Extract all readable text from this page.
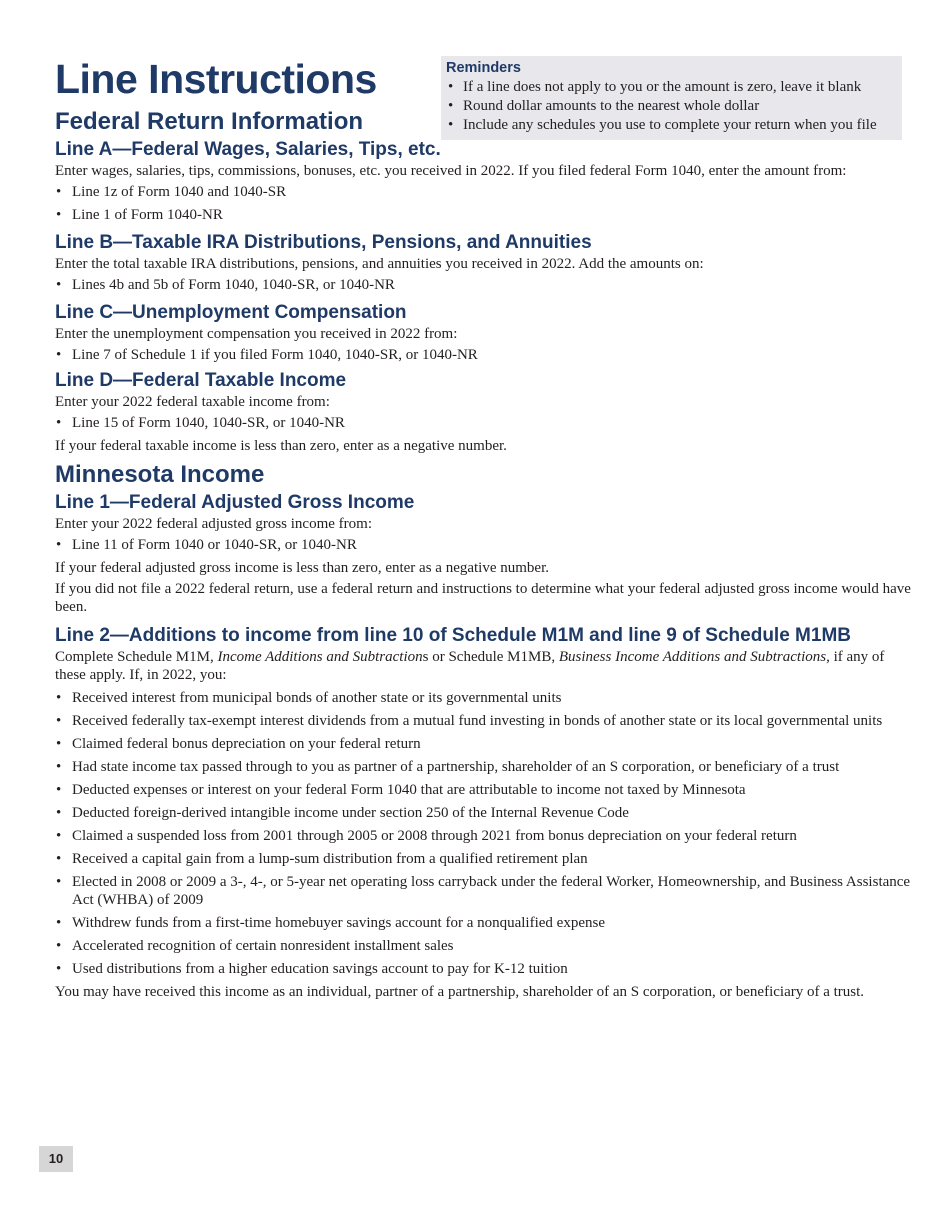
Line Instructions	Reminders
• If a line does not apply to you or the amount is zero, leave it blank
• Round dollar amounts to the nearest whole dollar
• Include any schedules you use to complete your return when you file
Federal Return Information
Line A—Federal Wages, Salaries, Tips, etc.

Enter wages, salaries, tips, commissions, bonuses, etc. you received in 2022. If you filed federal Form 1040, enter the amount from:

• Line 1z of Form 1040 and 1040-SR
• Line 1 of Form 1040-NR
Line B—Taxable IRA Distributions, Pensions, and Annuities

Enter the total taxable IRA distributions, pensions, and annuities you received in 2022. Add the amounts on:

• Lines 4b and 5b of Form 1040, 1040-SR, or 1040-NR
Line C—Unemployment Compensation

Enter the unemployment compensation you received in 2022 from:

• Line 7 of Schedule 1 if you filed Form 1040, 1040-SR, or 1040-NR
Line D—Federal Taxable Income

Enter your 2022 federal taxable income from:

• Line 15 of Form 1040, 1040-SR, or 1040-NR

If your federal taxable income is less than zero, enter as a negative number.

Minnesota Income
Line 1—Federal Adjusted Gross Income

Enter your 2022 federal adjusted gross income from:

• Line 11 of Form 1040 or 1040-SR, or 1040-NR

If your federal adjusted gross income is less than zero, enter as a negative number.

If you did not file a 2022 federal return, use a federal return and instructions to determine what your federal adjusted gross income would have been.

Line 2—Additions to income from line 10 of Schedule M1M and line 9 of Schedule M1MB

Complete Schedule M1M, Income Additions and Subtractions or Schedule M1MB, Business Income Additions and Subtractions, if any of these apply. If, in 2022, you:

• Received interest from municipal bonds of another state or its governmental units
• Received federally tax-exempt interest dividends from a mutual fund investing in bonds of another state or its local governmental units
• Claimed federal bonus depreciation on your federal return
• Had state income tax passed through to you as partner of a partnership, shareholder of an S corporation, or beneficiary of a trust
• Deducted expenses or interest on your federal Form 1040 that are attributable to income not taxed by Minnesota
• Deducted foreign-derived intangible income under section 250 of the Internal Revenue Code
• Claimed a suspended loss from 2001 through 2005 or 2008 through 2021 from bonus depreciation on your federal return
• Received a capital gain from a lump-sum distribution from a qualified retirement plan
• Elected in 2008 or 2009 a 3-, 4-, or 5-year net operating loss carryback under the federal Worker, Homeownership, and Business Assistance Act (WHBA) of 2009
• Withdrew funds from a first-time homebuyer savings account for a nonqualified expense
• Accelerated recognition of certain nonresident installment sales
• Used distributions from a higher education savings account to pay for K-12 tuition

You may have received this income as an individual, partner of a partnership, shareholder of an S corporation, or beneficiary of a trust.

10
